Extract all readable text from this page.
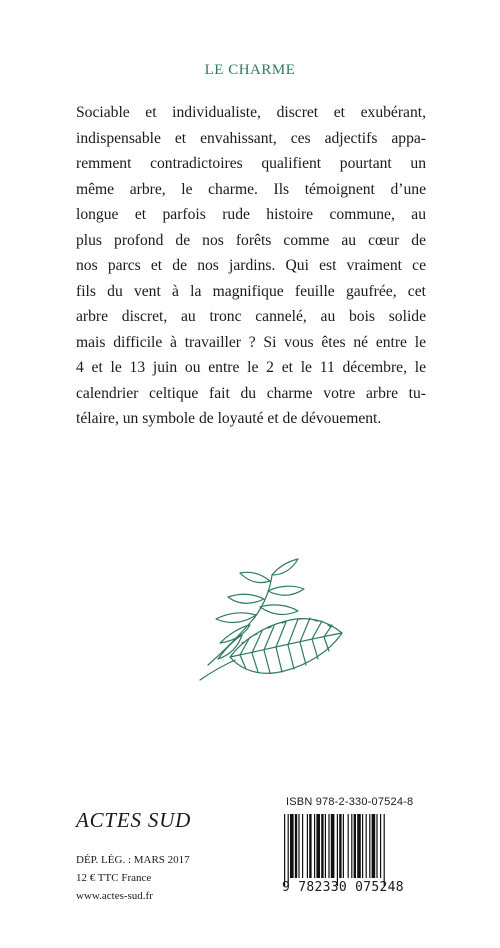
LE CHARME
Sociable et individualiste, discret et exubérant,
indispensable et envahissant, ces adjectifs appa-
remment contradictoires qualifient pourtant un
même arbre, le charme. Ils témoignent d’une
longue et parfois rude histoire commune, au
plus profond de nos forêts comme au cœur de
nos parcs et de nos jardins. Qui est vraiment ce
fils du vent à la magnifique feuille gaufrée, cet
arbre discret, au tronc cannelé, au bois solide
mais difficile à travailler ? Si vous êtes né entre le
4 et le 13 juin ou entre le 2 et le 11 décembre, le
calendrier celtique fait du charme votre arbre tu-
télaire, un symbole de loyauté et de dévouement.
ISBN 978-2-330-07524-8
9 782330 075248
ACTES SUD
DÉP. LÉG. : MARS 2017
12 € TTC France
www.actes-sud.fr
